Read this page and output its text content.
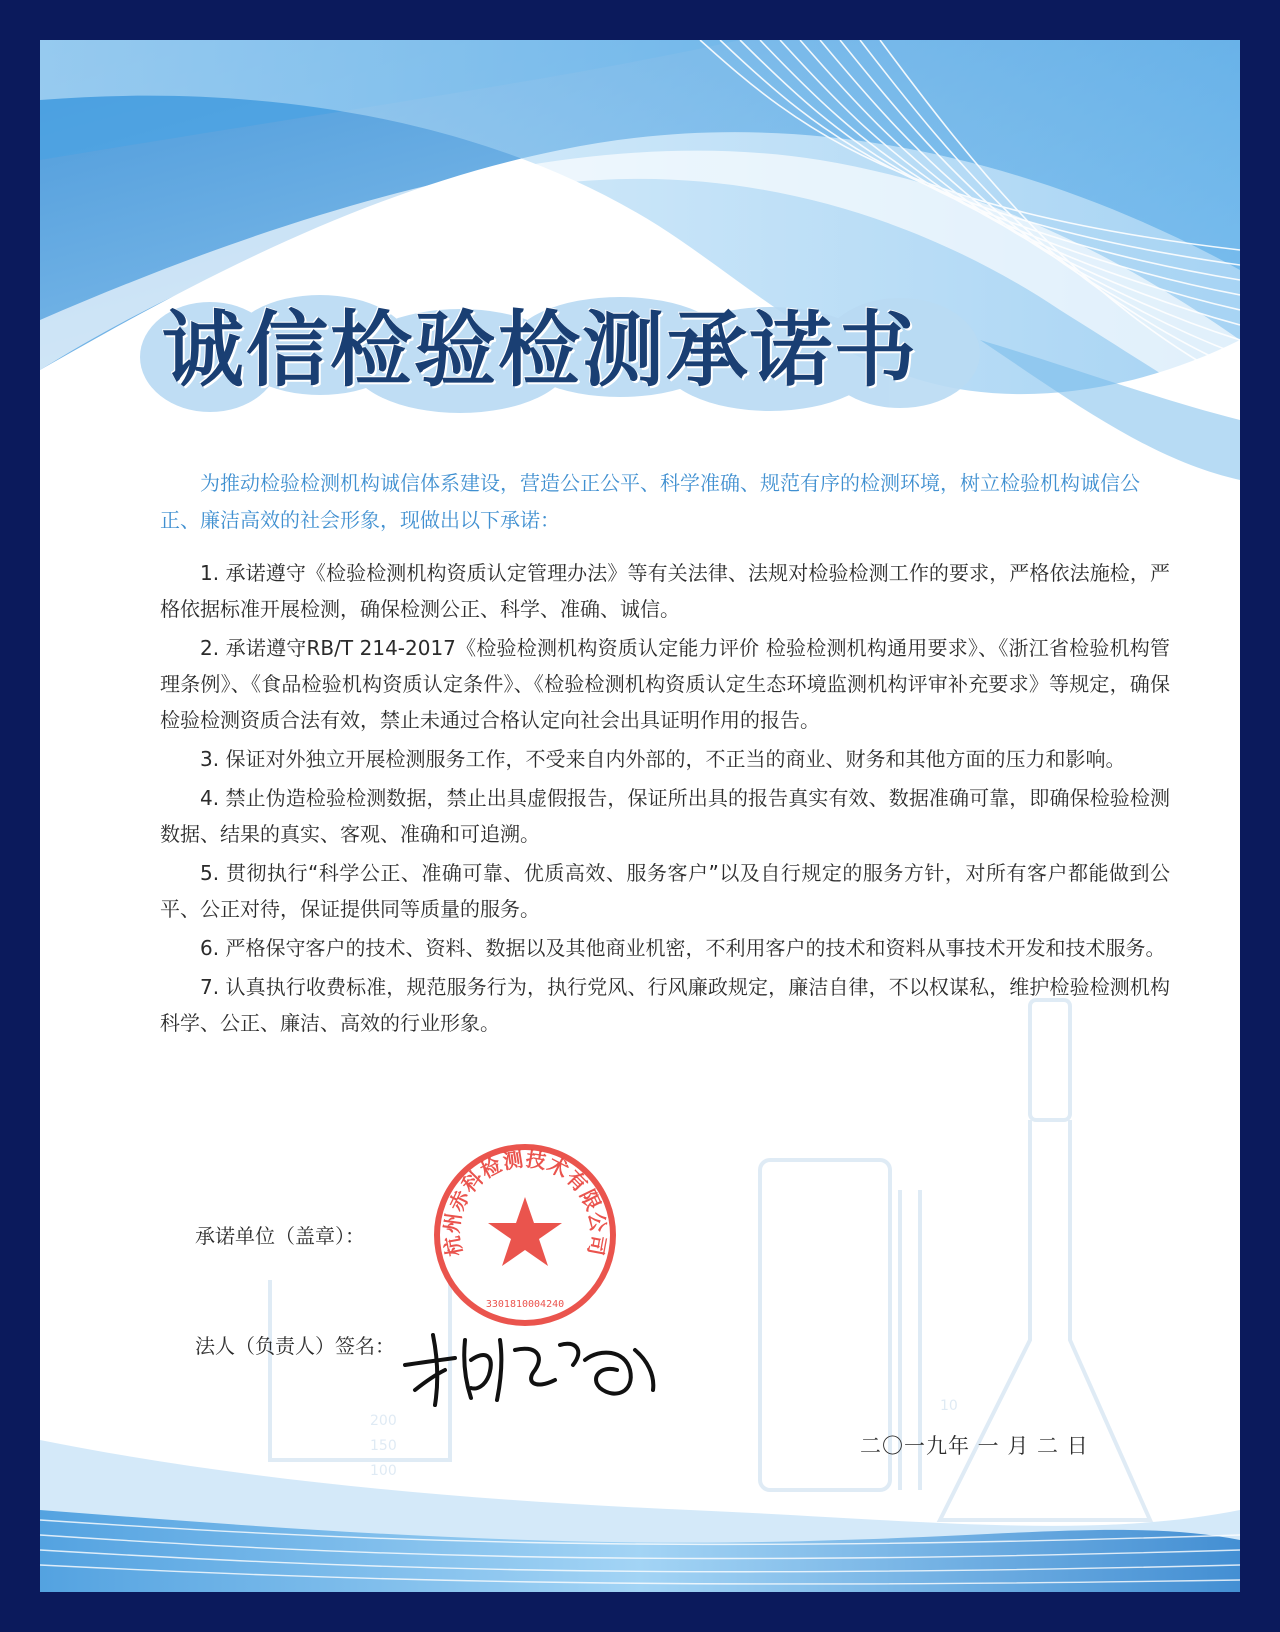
200
150
100
10
诚信检验检测承诺书

为推动检验检测机构诚信体系建设，营造公正公平、科学准确、规范有序的检测环境，树立检验机构诚信公正、廉洁高效的社会形象，现做出以下承诺：

1. 承诺遵守《检验检测机构资质认定管理办法》等有关法律、法规对检验检测工作的要求，严格依法施检，严格依据标准开展检测，确保检测公正、科学、准确、诚信。
2. 承诺遵守RB/T 214-2017《检验检测机构资质认定能力评价 检验检测机构通用要求》、《浙江省检验机构管理条例》、《食品检验机构资质认定条件》、《检验检测机构资质认定生态环境监测机构评审补充要求》等规定，确保检验检测资质合法有效，禁止未通过合格认定向社会出具证明作用的报告。
3. 保证对外独立开展检测服务工作，不受来自内外部的，不正当的商业、财务和其他方面的压力和影响。
4. 禁止伪造检验检测数据，禁止出具虚假报告，保证所出具的报告真实有效、数据准确可靠，即确保检验检测数据、结果的真实、客观、准确和可追溯。
5. 贯彻执行“科学公正、准确可靠、优质高效、服务客户”以及自行规定的服务方针，对所有客户都能做到公平、公正对待，保证提供同等质量的服务。
6. 严格保守客户的技术、资料、数据以及其他商业机密，不利用客户的技术和资料从事技术开发和技术服务。
7. 认真执行收费标准，规范服务行为，执行党风、行风廉政规定，廉洁自律，不以权谋私，维护检验检测机构科学、公正、廉洁、高效的行业形象。
承诺单位（盖章）：
法人（负责人）签名：
杭州赤科检测技术有限公司
3301810004240
二〇一九年 一 月 二 日
